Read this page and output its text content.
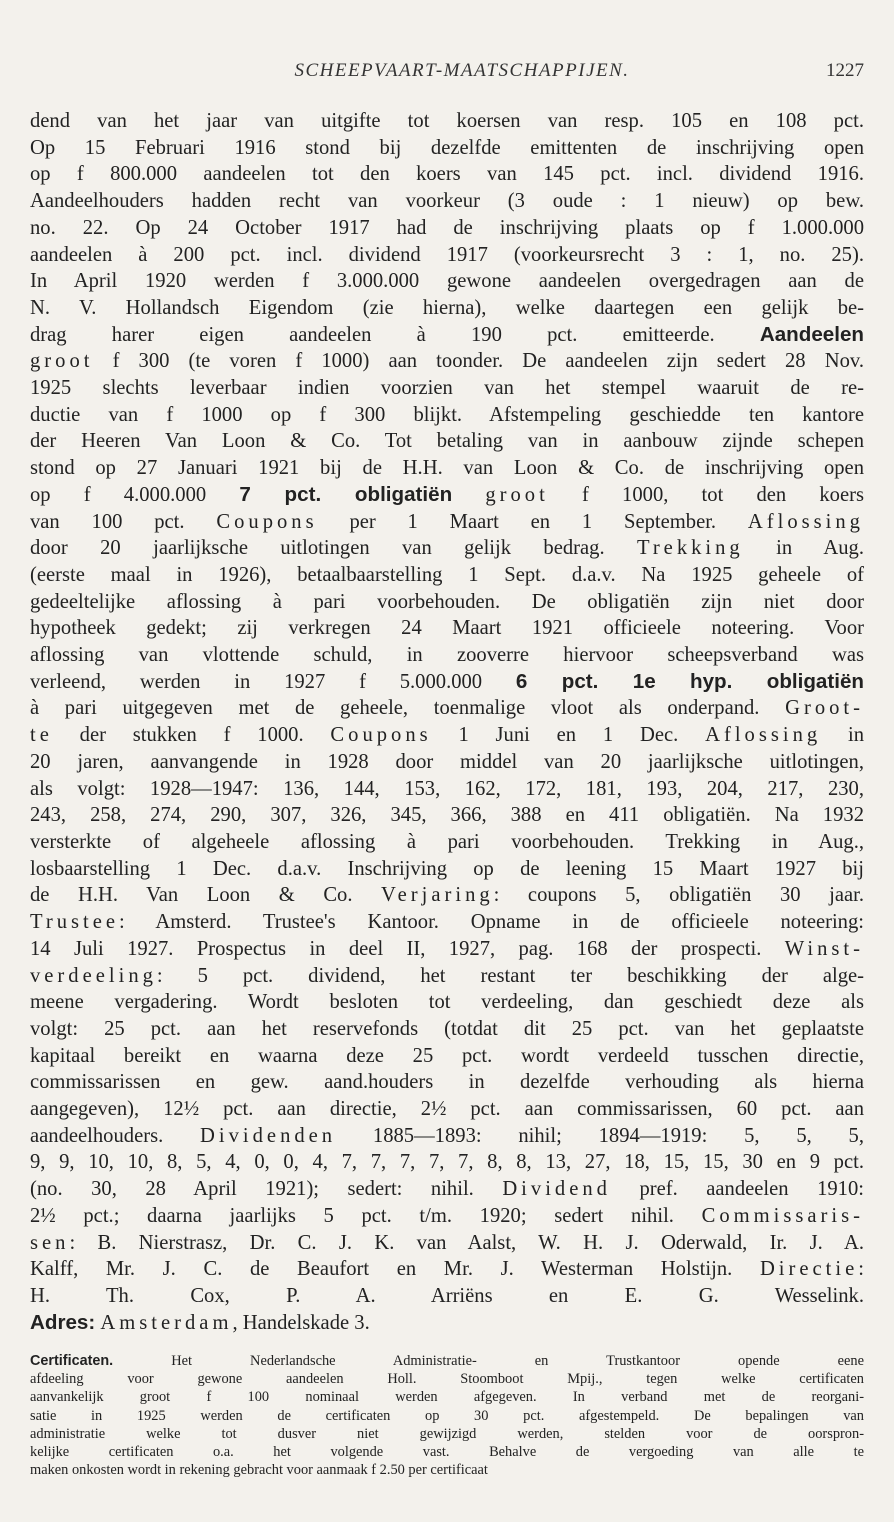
SCHEEPVAART-MAATSCHAPPIJEN.	1227
dend van het jaar van uitgifte tot koersen van resp. 105 en 108 pct.
Op 15 Februari 1916 stond bij dezelfde emittenten de inschrijving open
op f 800.000 aandeelen tot den koers van 145 pct. incl. dividend 1916.
Aandeelhouders hadden recht van voorkeur (3 oude : 1 nieuw) op bew.
no. 22. Op 24 October 1917 had de inschrijving plaats op f 1.000.000
aandeelen à 200 pct. incl. dividend 1917 (voorkeursrecht 3 : 1, no. 25).
In April 1920 werden f 3.000.000 gewone aandeelen overgedragen aan de
N. V. Hollandsch Eigendom (zie hierna), welke daartegen een gelijk be-
drag harer eigen aandeelen à 190 pct. emitteerde. Aandeelen
groot f 300 (te voren f 1000) aan toonder. De aandeelen zijn sedert 28 Nov.
1925 slechts leverbaar indien voorzien van het stempel waaruit de re-
ductie van f 1000 op f 300 blijkt. Afstempeling geschiedde ten kantore
der Heeren Van Loon & Co. Tot betaling van in aanbouw zijnde schepen
stond op 27 Januari 1921 bij de H.H. van Loon & Co. de inschrijving open
op f 4.000.000 7 pct. obligatiën groot f 1000, tot den koers
van 100 pct. Coupons per 1 Maart en 1 September. Aflossing
door 20 jaarlijksche uitlotingen van gelijk bedrag. Trekking in Aug.
(eerste maal in 1926), betaalbaarstelling 1 Sept. d.a.v. Na 1925 geheele of
gedeeltelijke aflossing à pari voorbehouden. De obligatiën zijn niet door
hypotheek gedekt; zij verkregen 24 Maart 1921 officieele noteering. Voor
aflossing van vlottende schuld, in zooverre hiervoor scheepsverband was
verleend, werden in 1927 f 5.000.000 6 pct. 1e hyp. obligatiën
à pari uitgegeven met de geheele, toenmalige vloot als onderpand. Groot-
te der stukken f 1000. Coupons 1 Juni en 1 Dec. Aflossing in
20 jaren, aanvangende in 1928 door middel van 20 jaarlijksche uitlotingen,
als volgt: 1928—1947: 136, 144, 153, 162, 172, 181, 193, 204, 217, 230,
243, 258, 274, 290, 307, 326, 345, 366, 388 en 411 obligatiën. Na 1932
versterkte of algeheele aflossing à pari voorbehouden. Trekking in Aug.,
losbaarstelling 1 Dec. d.a.v. Inschrijving op de leening 15 Maart 1927 bij
de H.H. Van Loon & Co. Verjaring: coupons 5, obligatiën 30 jaar.
Trustee: Amsterd. Trustee's Kantoor. Opname in de officieele noteering:
14 Juli 1927. Prospectus in deel II, 1927, pag. 168 der prospecti. Winst-
verdeeling: 5 pct. dividend, het restant ter beschikking der alge-
meene vergadering. Wordt besloten tot verdeeling, dan geschiedt deze als
volgt: 25 pct. aan het reservefonds (totdat dit 25 pct. van het geplaatste
kapitaal bereikt en waarna deze 25 pct. wordt verdeeld tusschen directie,
commissarissen en gew. aand.houders in dezelfde verhouding als hierna
aangegeven), 12½ pct. aan directie, 2½ pct. aan commissarissen, 60 pct. aan
aandeelhouders. Dividenden 1885—1893: nihil; 1894—1919: 5, 5, 5,
9, 9, 10, 10, 8, 5, 4, 0, 0, 4, 7, 7, 7, 7, 7, 8, 8, 13, 27, 18, 15, 15, 30 en 9 pct.
(no. 30, 28 April 1921); sedert: nihil. Dividend pref. aandeelen 1910:
2½ pct.; daarna jaarlijks 5 pct. t/m. 1920; sedert nihil. Commissaris-
sen: B. Nierstrasz, Dr. C. J. K. van Aalst, W. H. J. Oderwald, Ir. J. A.
Kalff, Mr. J. C. de Beaufort en Mr. J. Westerman Holstijn. Directie:
H. Th. Cox, P. A. Arriëns en E. G. Wesselink.
Adres: Amsterdam, Handelskade 3.
Certificaten.	Het Nederlandsche Administratie- en Trustkantoor opende eene
afdeeling voor gewone aandeelen Holl. Stoomboot Mpij., tegen welke certificaten
aanvankelijk groot f 100 nominaal werden afgegeven. In verband met de reorgani-
satie in 1925 werden de certificaten op 30 pct. afgestempeld. De bepalingen van
administratie welke tot dusver niet gewijzigd werden, stelden voor de oorspron-
kelijke certificaten o.a. het volgende vast. Behalve de vergoeding van alle te
maken onkosten wordt in rekening gebracht voor aanmaak f 2.50 per certificaat
